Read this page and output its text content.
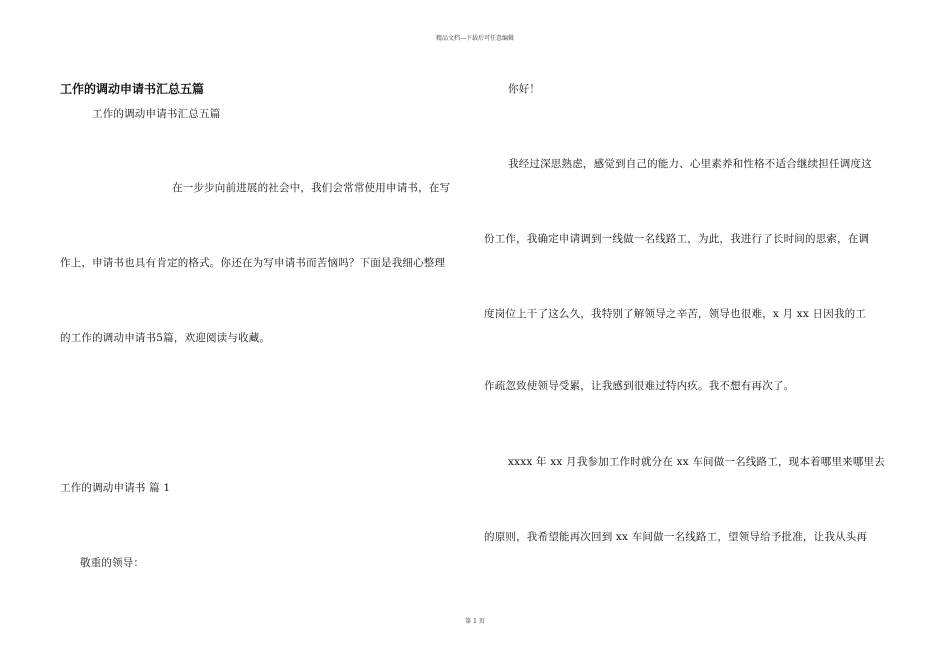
精品文档---下载后可任意编辑
工作的调动申请书汇总五篇
工作的调动申请书汇总五篇
在一步步向前进展的社会中，我们会常常使用申请书，在写
作上，申请书也具有肯定的格式。你还在为写申请书而苦恼吗？下面是我细心整理
的工作的调动申请书5篇，欢迎阅读与收藏。
工作的调动申请书 篇 1
敬重的领导：
你好！
我经过深思熟虑，感觉到自己的能力、心里素养和性格不适合继续担任调度这
份工作，我确定申请调到一线做一名线路工，为此，我进行了长时间的思索，在调
度岗位上干了这么久，我特别了解领导之辛苦，领导也很难，x 月 xx 日因我的工
作疏忽致使领导受累，让我感到很难过特内疚。我不想有再次了。
xxxx 年 xx 月我参加工作时就分在 xx 车间做一名线路工，现本着哪里来哪里去
的原则，我希望能再次回到 xx 车间做一名线路工，望领导给予批准，让我从头再
第 1 页
